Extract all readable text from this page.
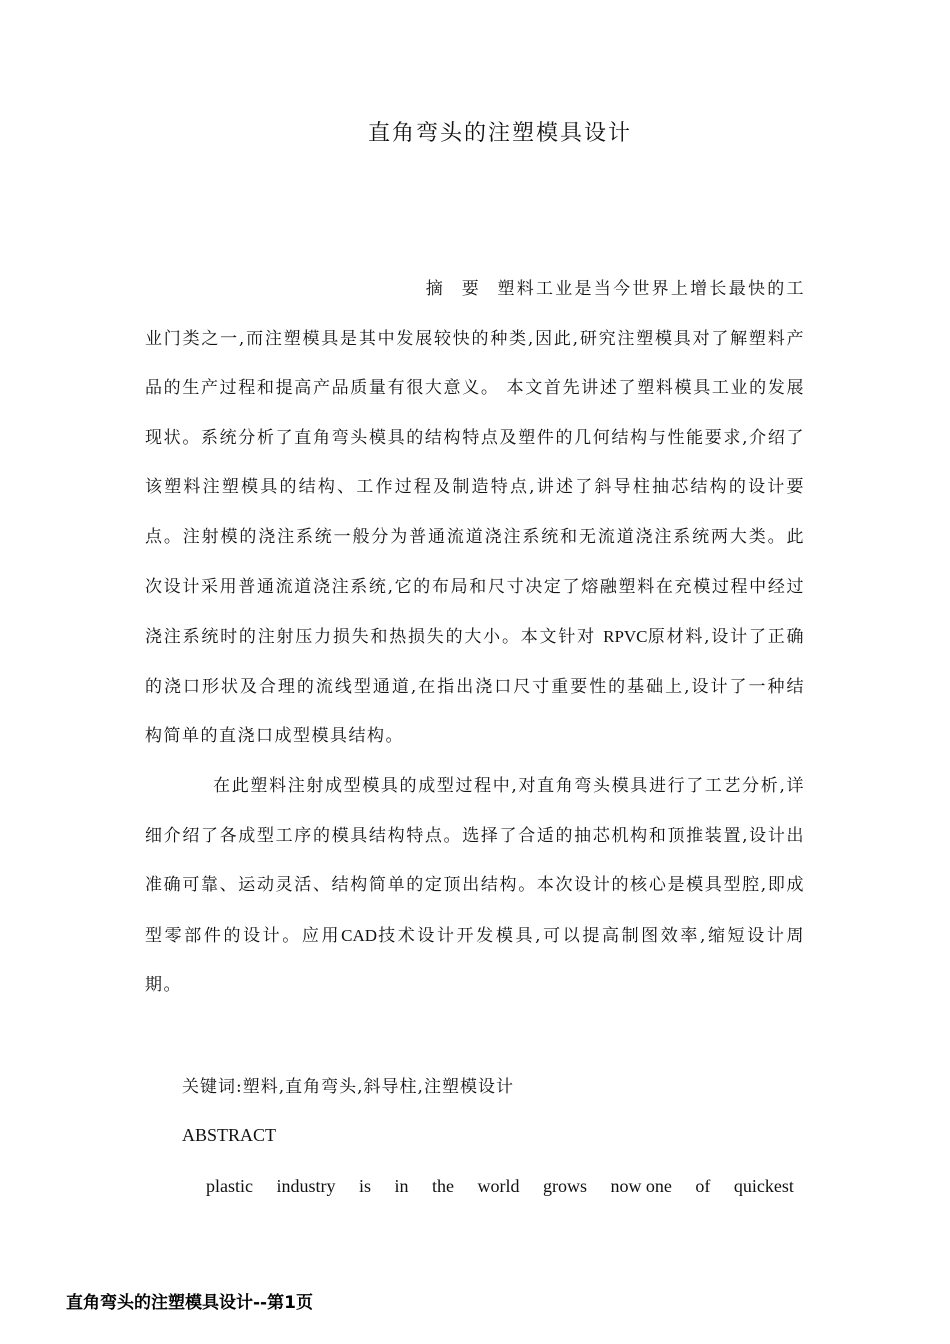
直角弯头的注塑模具设计
摘 要 塑料工业是当今世界上增长最快的工业门类之一,而注塑模具是其中发展较快的种类,因此,研究注塑模具对了解塑料产品的生产过程和提高产品质量有很大意义。 本文首先讲述了塑料模具工业的发展现状。系统分析了直角弯头模具的结构特点及塑件的几何结构与性能要求,介绍了该塑料注塑模具的结构、工作过程及制造特点,讲述了斜导柱抽芯结构的设计要点。注射模的浇注系统一般分为普通流道浇注系统和无流道浇注系统两大类。此次设计采用普通流道浇注系统,它的布局和尺寸决定了熔融塑料在充模过程中经过浇注系统时的注射压力损失和热损失的大小。本文针对 RPVC原材料,设计了正确的浇口形状及合理的流线型通道,在指出浇口尺寸重要性的基础上,设计了一种结构简单的直浇口成型模具结构。
在此塑料注射成型模具的成型过程中,对直角弯头模具进行了工艺分析,详细介绍了各成型工序的模具结构特点。选择了合适的抽芯机构和顶推装置,设计出准确可靠、运动灵活、结构简单的定顶出结构。本次设计的核心是模具型腔,即成型零部件的设计。应用CAD技术设计开发模具,可以提高制图效率,缩短设计周期。
关键词:塑料,直角弯头,斜导柱,注塑模设计
ABSTRACT
plastic industry is in the world grows now one of quickest
直角弯头的注塑模具设计--第1页
